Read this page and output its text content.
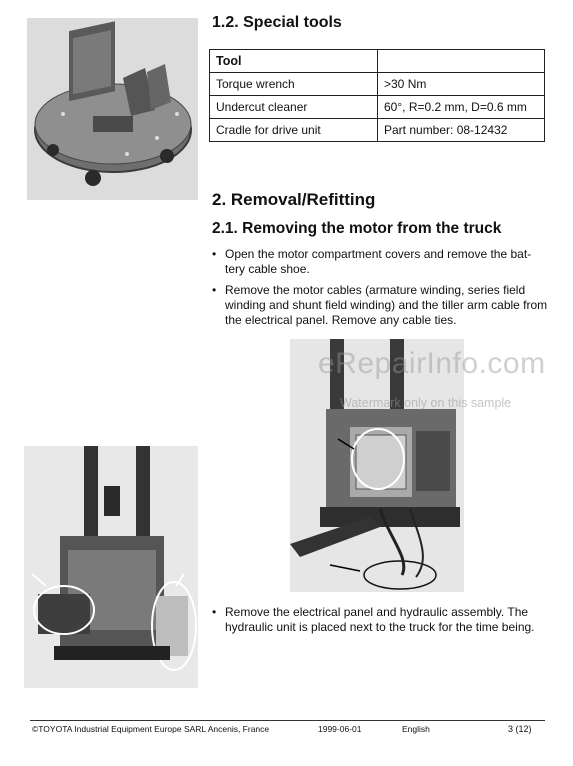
1.2. Special tools
Tool	
Torque wrench	>30 Nm
Undercut cleaner	60°, R=0.2 mm, D=0.6 mm
Cradle for drive unit	Part number: 08-12432
2. Removal/Refitting
2.1. Removing the motor from the truck
• Open the motor compartment covers and remove the bat-tery cable shoe.
• Remove the motor cables (armature winding, series field winding and shunt field winding) and the tiller arm cable from the electrical panel. Remove any cable ties.
eRepairInfo.com
Watermark only on this sample
• Remove the electrical panel and hydraulic assembly. The hydraulic unit is placed next to the truck for the time being.
©TOYOTA Industrial Equipment Europe SARL Ancenis, France	1999-06-01	English	3 (12)
